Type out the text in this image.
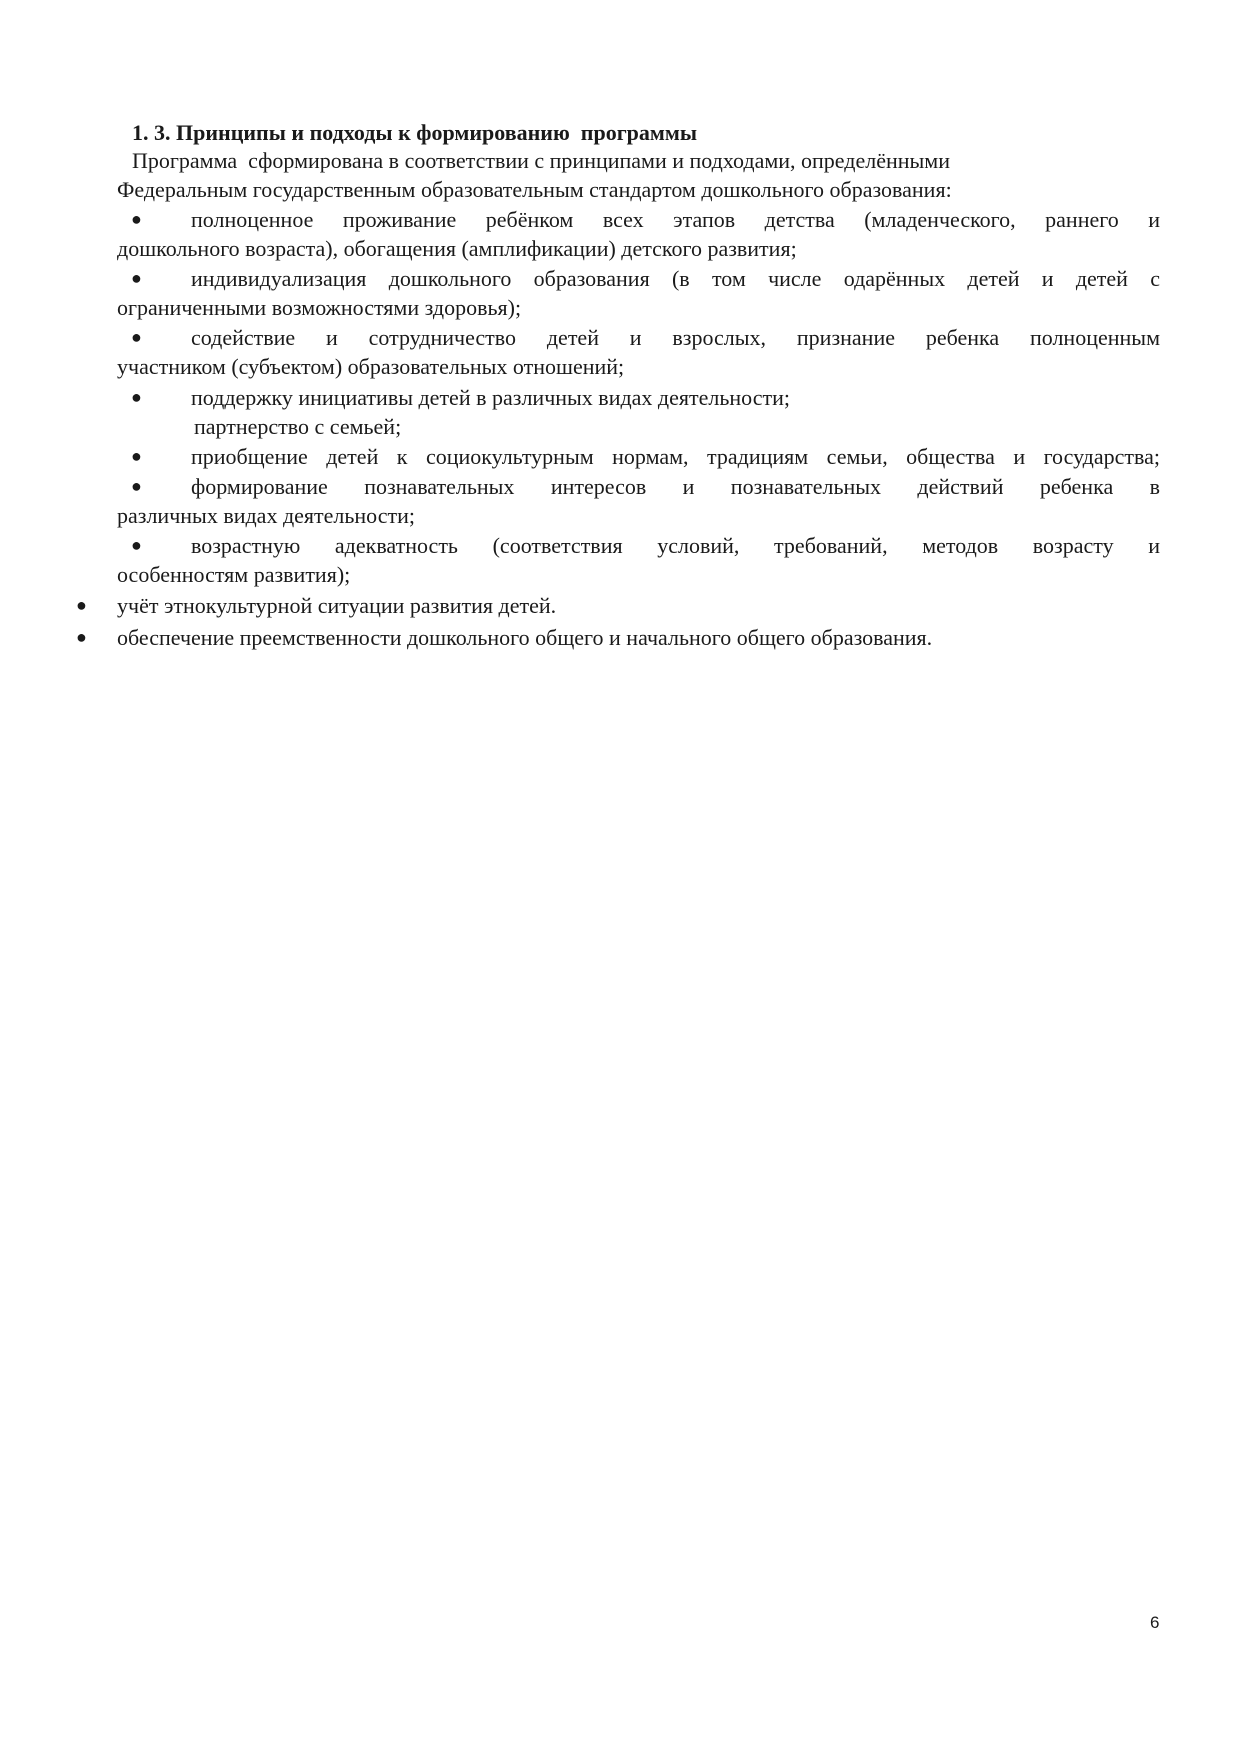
1. 3. Принципы и подходы к формированию  программы
Программа  сформирована в соответствии с принципами и подходами, определёнными
Федеральным государственным образовательным стандартом дошкольного образования:
●	полноценное проживание ребёнком всех этапов детства (младенческого, раннего и
дошкольного возраста), обогащения (амплификации) детского развития;
●	индивидуализация дошкольного образования (в том числе одарённых детей и детей с
ограниченными возможностями здоровья);
●	содействие и сотрудничество детей и взрослых, признание ребенка полноценным
участником (субъектом) образовательных отношений;
●	поддержку инициативы детей в различных видах деятельности;
партнерство с семьей;
●	приобщение детей к социокультурным нормам, традициям семьи, общества и государства;
●	формирование познавательных интересов и познавательных действий ребенка в
различных видах деятельности;
●	возрастную адекватность (соответствия условий, требований, методов возрасту и
особенностям развития);
●	учёт этнокультурной ситуации развития детей.
●	обеспечение преемственности дошкольного общего и начального общего образования.
6
